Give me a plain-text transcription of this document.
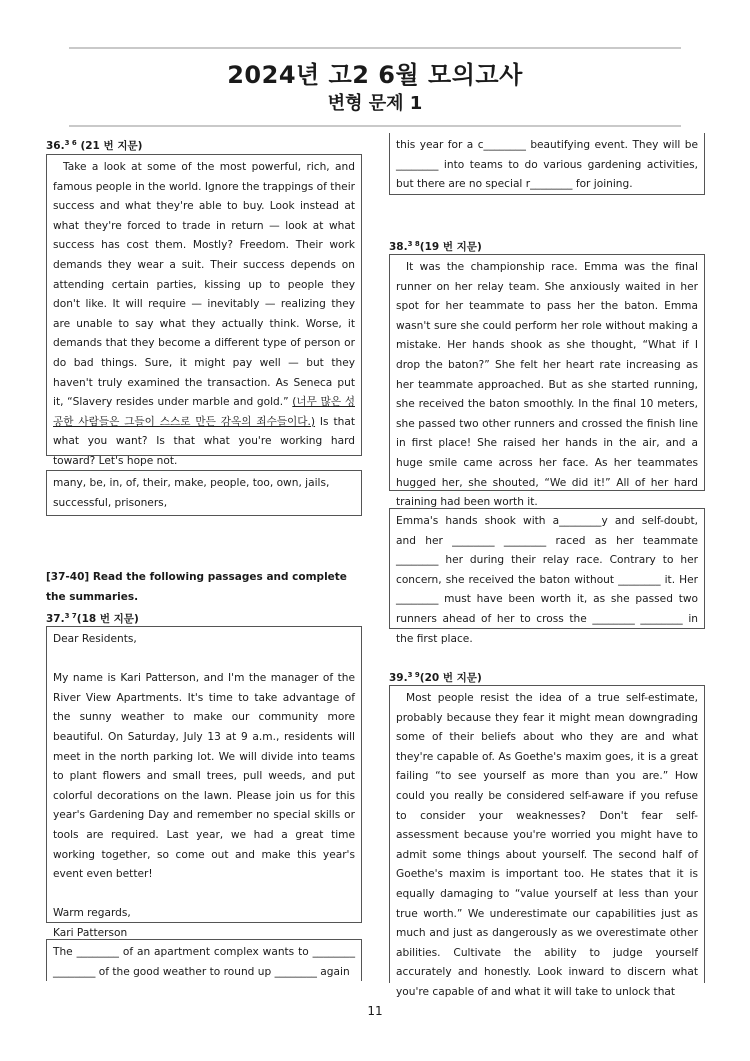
2024년 고2 6월 모의고사
변형 문제 1
36.$^{3 6}$ (21 번 지문)

Take a look at some of the most powerful, rich, and famous people in the world. Ignore the trappings of their success and what they're able to buy. Look instead at what they're forced to trade in return — look at what success has cost them. Mostly? Freedom. Their work demands they wear a suit. Their success depends on attending certain parties, kissing up to people they don't like. It will require — inevitably — realizing they are unable to say what they actually think. Worse, it demands that they become a different type of person or do bad things. Sure, it might pay well — but they haven't truly examined the transaction. As Seneca put it, “Slavery resides under marble and gold.” (너무 많은 성공한 사람들은 그들이 스스로 만든 감옥의 죄수들이다.) Is that what you want? Is that what you're working hard toward? Let's hope not.

many, be, in, of, their, make, people, too, own, jails, successful, prisoners,

[37-40] Read the following passages and complete the summaries.
37.$^{3 7}$(18 번 지문)

Dear Residents,

My name is Kari Patterson, and I'm the manager of the River View Apartments. It's time to take advantage of the sunny weather to make our community more beautiful. On Saturday, July 13 at 9 a.m., residents will meet in the north parking lot. We will divide into teams to plant flowers and small trees, pull weeds, and put colorful decorations on the lawn. Please join us for this year's Gardening Day and remember no special skills or tools are required. Last year, we had a great time working together, so come out and make this year's event even better!

Warm regards,

Kari Patterson

The ________ of an apartment complex wants to ________ ________ of the good weather to round up ________ again

this year for a c________ beautifying event. They will be ________ into teams to do various gardening activities, but there are no special r________ for joining.

38.$^{3 8}$(19 번 지문)

It was the championship race. Emma was the final runner on her relay team. She anxiously waited in her spot for her teammate to pass her the baton. Emma wasn't sure she could perform her role without making a mistake. Her hands shook as she thought, “What if I drop the baton?” She felt her heart rate increasing as her teammate approached. But as she started running, she received the baton smoothly. In the final 10 meters, she passed two other runners and crossed the finish line in first place! She raised her hands in the air, and a huge smile came across her face. As her teammates hugged her, she shouted, “We did it!” All of her hard training had been worth it.

Emma's hands shook with a________y and self-doubt, and her ________ ________ raced as her teammate ________ her during their relay race. Contrary to her concern, she received the baton without ________ it. Her ________ must have been worth it, as she passed two runners ahead of her to cross the ________ ________ in the first place.

39.$^{3 9}$(20 번 지문)

Most people resist the idea of a true self-estimate, probably because they fear it might mean downgrading some of their beliefs about who they are and what they're capable of. As Goethe's maxim goes, it is a great failing “to see yourself as more than you are.” How could you really be considered self-aware if you refuse to consider your weaknesses? Don't fear self-assessment because you're worried you might have to admit some things about yourself. The second half of Goethe's maxim is important too. He states that it is equally damaging to “value yourself at less than your true worth.” We underestimate our capabilities just as much and just as dangerously as we overestimate other abilities. Cultivate the ability to judge yourself accurately and honestly. Look inward to discern what you're capable of and what it will take to unlock that

11
